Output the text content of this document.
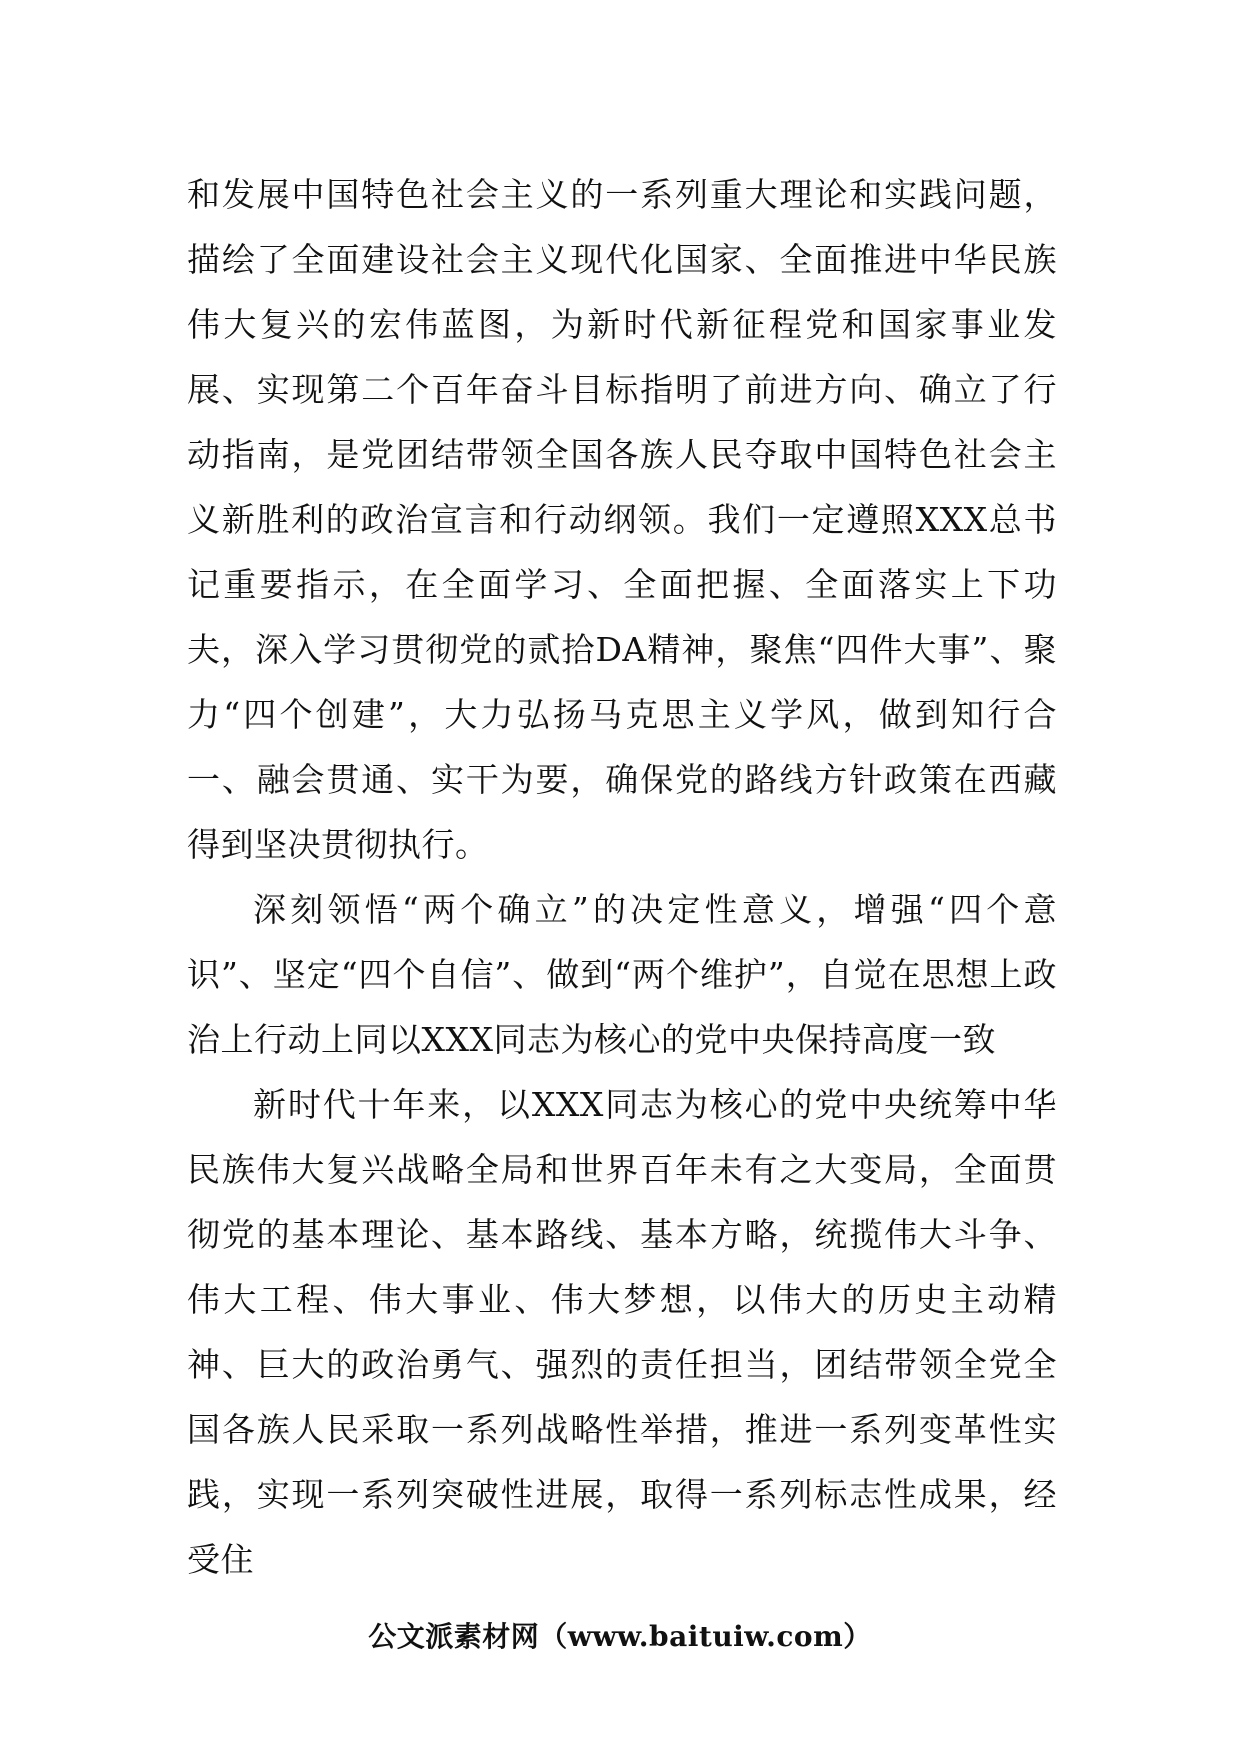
和发展中国特色社会主义的一系列重大理论和实践问题，描绘了全面建设社会主义现代化国家、全面推进中华民族伟大复兴的宏伟蓝图，为新时代新征程党和国家事业发展、实现第二个百年奋斗目标指明了前进方向、确立了行动指南，是党团结带领全国各族人民夺取中国特色社会主义新胜利的政治宣言和行动纲领。我们一定遵照XXX总书记重要指示，在全面学习、全面把握、全面落实上下功夫，深入学习贯彻党的贰拾DA精神，聚焦“四件大事”、聚力“四个创建”，大力弘扬马克思主义学风，做到知行合一、融会贯通、实干为要，确保党的路线方针政策在西藏得到坚决贯彻执行。

深刻领悟“两个确立”的决定性意义，增强“四个意识”、坚定“四个自信”、做到“两个维护”，自觉在思想上政治上行动上同以XXX同志为核心的党中央保持高度一致

新时代十年来，以XXX同志为核心的党中央统筹中华民族伟大复兴战略全局和世界百年未有之大变局，全面贯彻党的基本理论、基本路线、基本方略，统揽伟大斗争、伟大工程、伟大事业、伟大梦想，以伟大的历史主动精神、巨大的政治勇气、强烈的责任担当，团结带领全党全国各族人民采取一系列战略性举措，推进一系列变革性实践，实现一系列突破性进展，取得一系列标志性成果，经受住

公文派素材网（www.baituiw.com）
